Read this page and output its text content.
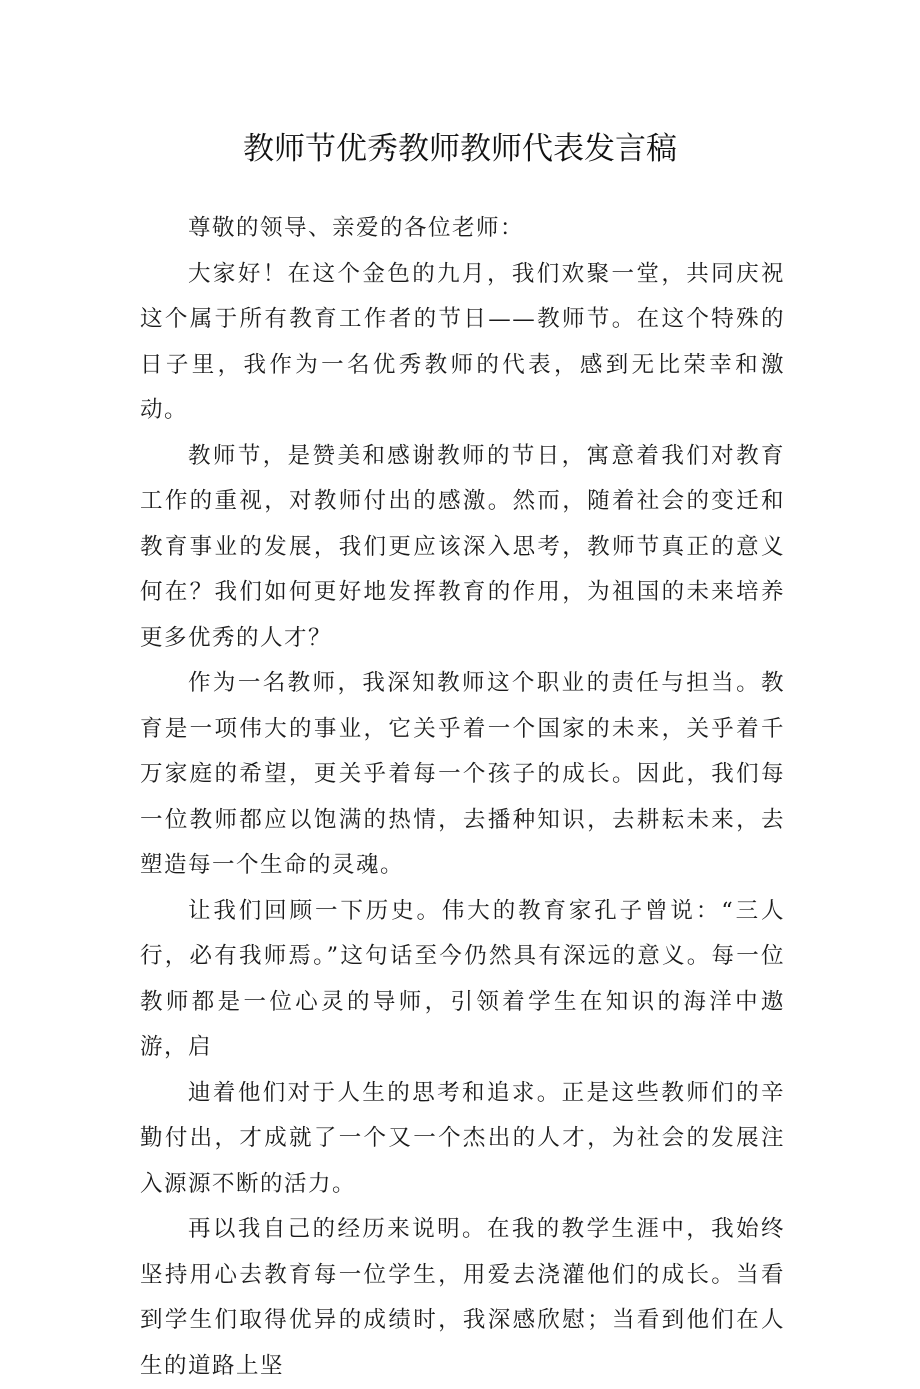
教师节优秀教师教师代表发言稿

尊敬的领导、亲爱的各位老师：

大家好！在这个金色的九月，我们欢聚一堂，共同庆祝这个属于所有教育工作者的节日——教师节。在这个特殊的日子里，我作为一名优秀教师的代表，感到无比荣幸和激动。

教师节，是赞美和感谢教师的节日，寓意着我们对教育工作的重视，对教师付出的感激。然而，随着社会的变迁和教育事业的发展，我们更应该深入思考，教师节真正的意义何在？我们如何更好地发挥教育的作用，为祖国的未来培养更多优秀的人才？

作为一名教师，我深知教师这个职业的责任与担当。教育是一项伟大的事业，它关乎着一个国家的未来，关乎着千万家庭的希望，更关乎着每一个孩子的成长。因此，我们每一位教师都应以饱满的热情，去播种知识，去耕耘未来，去塑造每一个生命的灵魂。

让我们回顾一下历史。伟大的教育家孔子曾说：“三人行，必有我师焉。”这句话至今仍然具有深远的意义。每一位教师都是一位心灵的导师，引领着学生在知识的海洋中遨游，启

迪着他们对于人生的思考和追求。正是这些教师们的辛勤付出，才成就了一个又一个杰出的人才，为社会的发展注入源源不断的活力。

再以我自己的经历来说明。在我的教学生涯中，我始终坚持用心去教育每一位学生，用爱去浇灌他们的成长。当看到学生们取得优异的成绩时，我深感欣慰；当看到他们在人生的道路上坚
